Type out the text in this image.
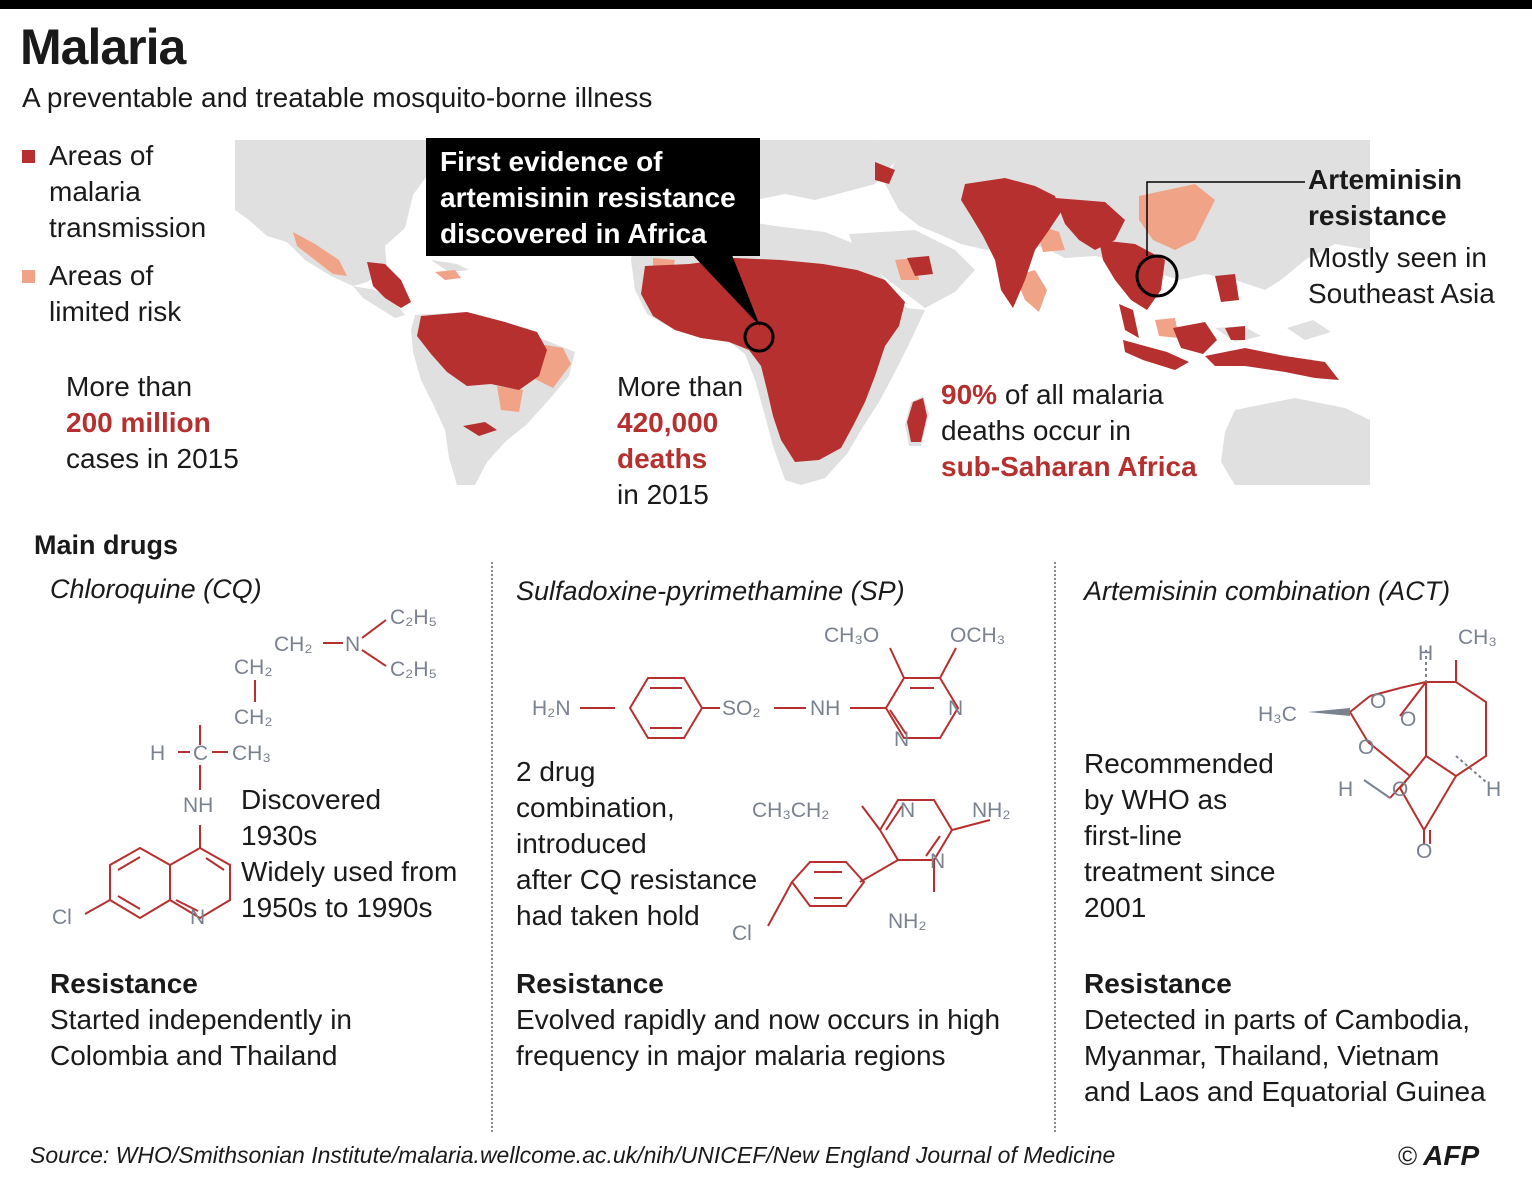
Malaria
A preventable and treatable mosquito-borne illness
Areas of
malaria
transmission
Areas of
limited risk
More than
200 million
cases in 2015
More than
420,000
deaths
in 2015
90% of all malaria
deaths occur in
sub-Saharan Africa
First evidence of
artemisinin resistance
discovered in Africa
Arteminisin
resistance
Mostly seen in
Southeast Asia
Main drugs
Chloroquine (CQ)
CH₂ N
C₂H₅
C₂H₅
CH₂
CH₂
H C CH₃
NH
Cl	N
Discovered
1930s
Widely used from
1950s to 1990s
Resistance
Started independently in
Colombia and Thailand
Sulfadoxine-pyrimethamine (SP)
H₂N	SO₂ NH
CH₃O	OCH₃
N
N
CH₃CH₂	N	NH₂
N
NH₂
Cl
2 drug
combination,
introduced
after CQ resistance
had taken hold
Resistance
Evolved rapidly and now occurs in high
frequency in major malaria regions
Artemisinin combination (ACT)
CH₃
H
H₃C
O
O
O
O
H	H
O
Recommended
by WHO as
first-line
treatment since
2001
Resistance
Detected in parts of Cambodia,
Myanmar, Thailand, Vietnam
and Laos and Equatorial Guinea
Source: WHO/Smithsonian Institute/malaria.wellcome.ac.uk/nih/UNICEF/New England Journal of Medicine	© AFP
